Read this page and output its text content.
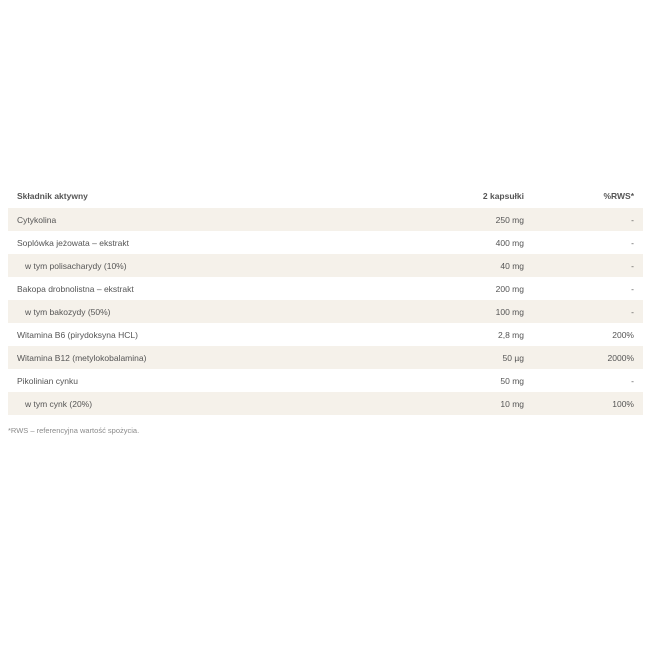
Składnik aktywny	2 kapsułki	%RWS*
Cytykolina	250 mg	-
Soplówka jeżowata – ekstrakt	400 mg	-
w tym polisacharydy (10%)	40 mg	-
Bakopa drobnolistna – ekstrakt	200 mg	-
w tym bakozydy (50%)	100 mg	-
Witamina B6 (pirydoksyna HCL)	2,8 mg	200%
Witamina B12 (metylokobalamina)	50 µg	2000%
Pikolinian cynku	50 mg	-
w tym cynk (20%)	10 mg	100%
*RWS – referencyjna wartość spożycia.
